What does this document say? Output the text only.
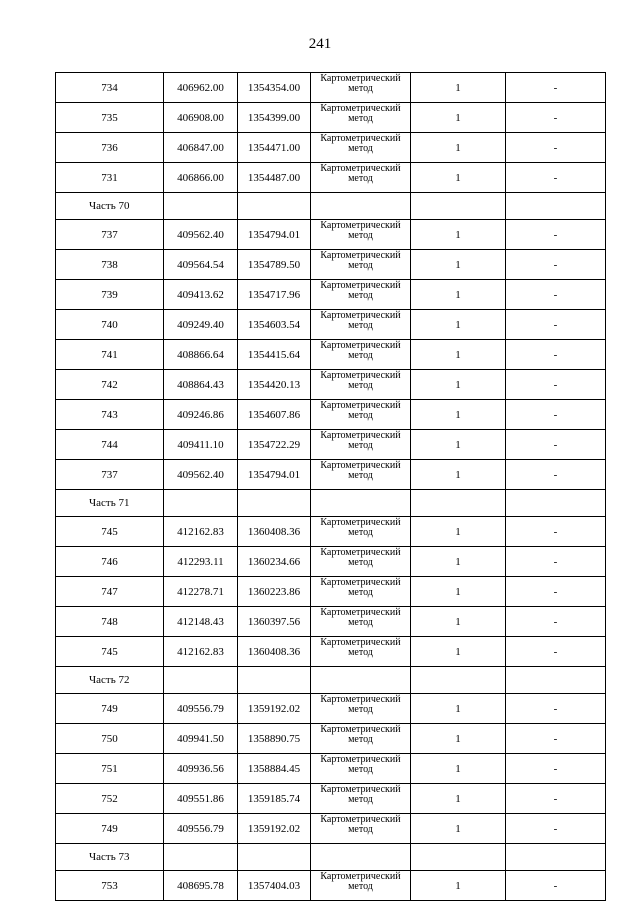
241
734	406962.00	1354354.00	Картометрический метод	1	-
735	406908.00	1354399.00	Картометрический метод	1	-
736	406847.00	1354471.00	Картометрический метод	1	-
731	406866.00	1354487.00	Картометрический метод	1	-
Часть 70					
737	409562.40	1354794.01	Картометрический метод	1	-
738	409564.54	1354789.50	Картометрический метод	1	-
739	409413.62	1354717.96	Картометрический метод	1	-
740	409249.40	1354603.54	Картометрический метод	1	-
741	408866.64	1354415.64	Картометрический метод	1	-
742	408864.43	1354420.13	Картометрический метод	1	-
743	409246.86	1354607.86	Картометрический метод	1	-
744	409411.10	1354722.29	Картометрический метод	1	-
737	409562.40	1354794.01	Картометрический метод	1	-
Часть 71					
745	412162.83	1360408.36	Картометрический метод	1	-
746	412293.11	1360234.66	Картометрический метод	1	-
747	412278.71	1360223.86	Картометрический метод	1	-
748	412148.43	1360397.56	Картометрический метод	1	-
745	412162.83	1360408.36	Картометрический метод	1	-
Часть 72					
749	409556.79	1359192.02	Картометрический метод	1	-
750	409941.50	1358890.75	Картометрический метод	1	-
751	409936.56	1358884.45	Картометрический метод	1	-
752	409551.86	1359185.74	Картометрический метод	1	-
749	409556.79	1359192.02	Картометрический метод	1	-
Часть 73					
753	408695.78	1357404.03	Картометрический метод	1	-
